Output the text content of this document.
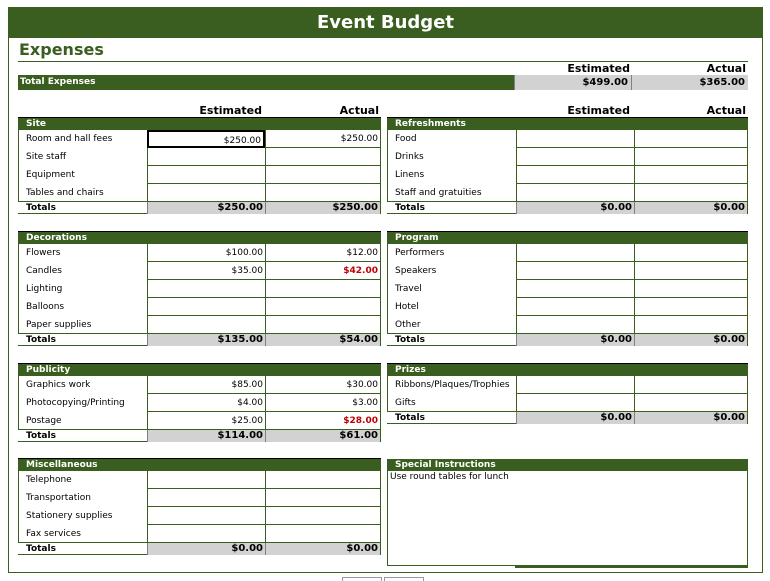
Event Budget
Expenses
Estimated	Actual
Total Expenses	$499.00	$365.00
Estimated	Actual	Estimated	Actual
Site
Room and hall fees	$250.00	$250.00
Site staff
Equipment
Tables and chairs
Totals	$250.00	$250.00
Refreshments
Food
Drinks
Linens
Staff and gratuities
Totals	$0.00	$0.00
Decorations
Flowers	$100.00	$12.00
Candles	$35.00	$42.00
Lighting
Balloons
Paper supplies
Totals	$135.00	$54.00
Program
Performers
Speakers
Travel
Hotel
Other
Totals	$0.00	$0.00
Publicity
Graphics work	$85.00	$30.00
Photocopying/Printing	$4.00	$3.00
Postage	$25.00	$28.00
Totals	$114.00	$61.00
Prizes
Ribbons/Plaques/Trophies
Gifts
Totals	$0.00	$0.00
Miscellaneous
Telephone
Transportation
Stationery supplies
Fax services
Totals	$0.00	$0.00
Special Instructions
Use round tables for lunch
